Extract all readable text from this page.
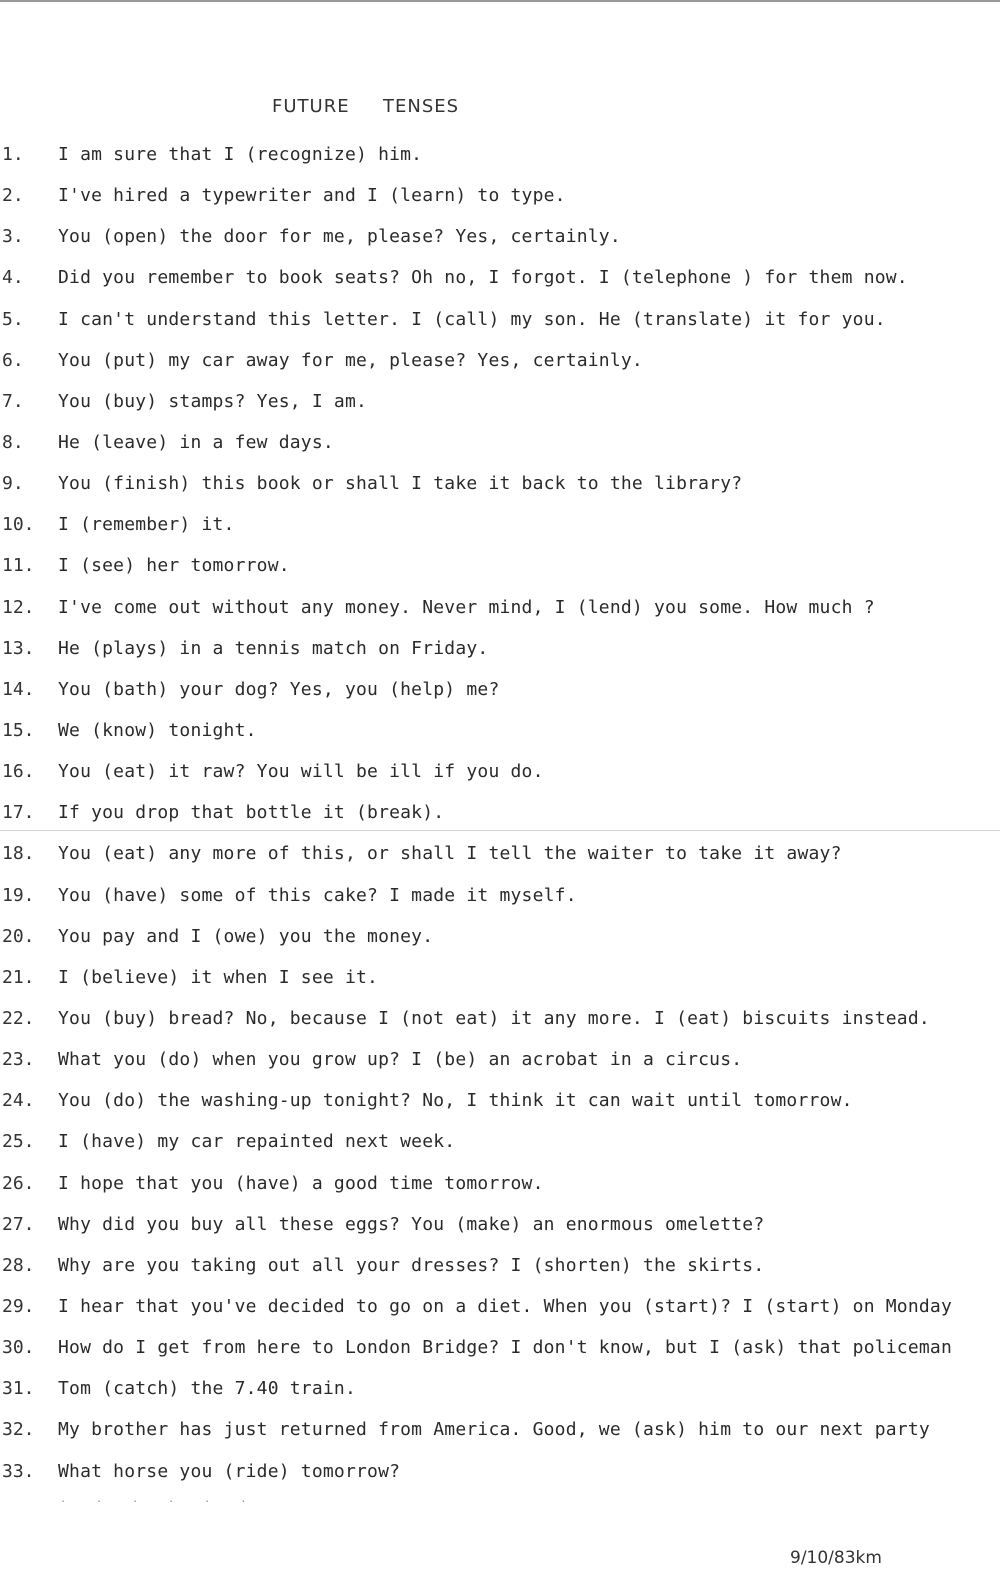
FUTURE  TENSES
1. I am sure that I (recognize) him.
2. I've hired a typewriter and I (learn) to type.
3. You (open) the door for me, please? Yes, certainly.
4. Did you remember to book seats? Oh no, I forgot. I (telephone ) for them now.
5. I can't understand this letter. I (call) my son. He (translate) it for you.
6. You (put) my car away for me, please? Yes, certainly.
7. You (buy) stamps? Yes, I am.
8. He (leave) in a few days.
9. You (finish) this book or shall I take it back to the library?
10. I (remember) it.
11. I (see) her tomorrow.
12. I've come out without any money. Never mind, I (lend) you some. How much ?
13. He (plays) in a tennis match on Friday.
14. You (bath) your dog? Yes, you (help) me?
15. We (know) tonight.
16. You (eat) it raw? You will be ill if you do.
17. If you drop that bottle it (break).
18. You (eat) any more of this, or shall I tell the waiter to take it away?
19. You (have) some of this cake? I made it myself.
20. You pay and I (owe) you the money.
21. I (believe) it when I see it.
22. You (buy) bread? No, because I (not eat) it any more. I (eat) biscuits instead.
23. What you (do) when you grow up? I (be) an acrobat in a circus.
24. You (do) the washing-up tonight? No, I think it can wait until tomorrow.
25. I (have) my car repainted next week.
26. I hope that you (have) a good time tomorrow.
27. Why did you buy all these eggs? You (make) an enormous omelette?
28. Why are you taking out all your dresses? I (shorten) the skirts.
29. I hear that you've decided to go on a diet. When you (start)? I (start) on Monday
30. How do I get from here to London Bridge? I don't know, but I (ask) that policeman
31. Tom (catch) the 7.40 train.
32. My brother has just returned from America. Good, we (ask) him to our next party
33. What horse you (ride) tomorrow?
. . . . . .
9/10/83km
